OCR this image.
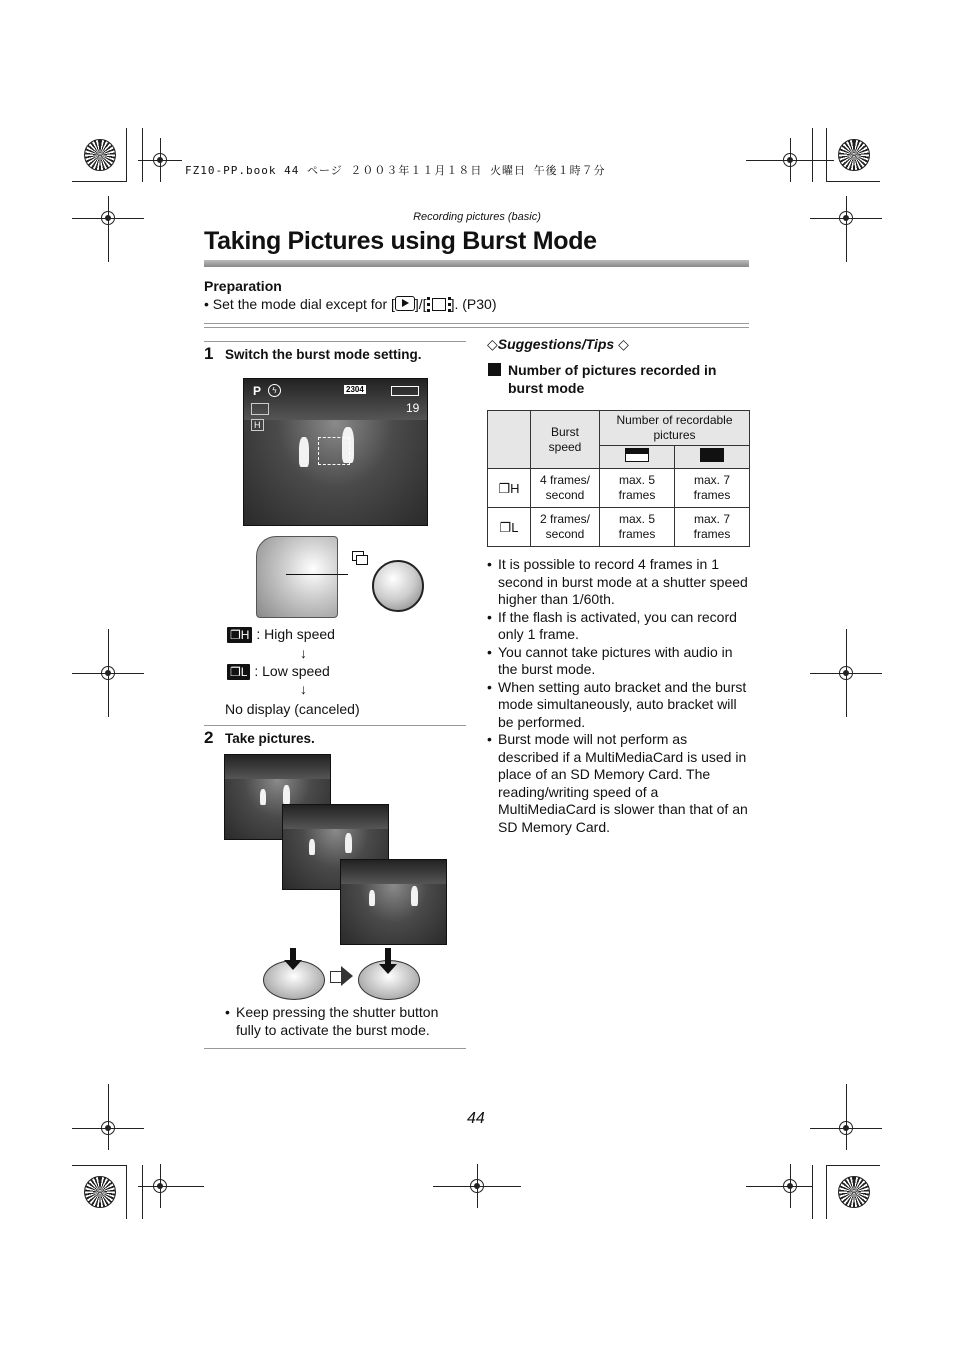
FZ10-PP.book 44 ページ ２００３年１１月１８日 火曜日 午後１時７分
Recording pictures (basic)
Taking Pictures using Burst Mode
Preparation
• Set the mode dial except for [ ]/[ ]. (P30)
1 Switch the burst mode setting.
P	ϟ	2304
19
H
❐H : High speed
↓
❐L : Low speed
↓
No display (canceled)
2 Take pictures.
• Keep pressing the shutter button fully to activate the burst mode.
◇Suggestions/Tips ◇
Number of pictures recorded in burst mode
	Burst speed	Number of recordable pictures	

❐H	4 frames/ second	max. 5 frames	max. 7 frames
❐L	2 frames/ second	max. 5 frames	max. 7 frames
• It is possible to record 4 frames in 1 second in burst mode at a shutter speed higher than 1/60th.
• If the flash is activated, you can record only 1 frame.
• You cannot take pictures with audio in the burst mode.
• When setting auto bracket and the burst mode simultaneously, auto bracket will be performed.
• Burst mode will not perform as described if a MultiMediaCard is used in place of an SD Memory Card. The reading/writing speed of a MultiMediaCard is slower than that of an SD Memory Card.
44
